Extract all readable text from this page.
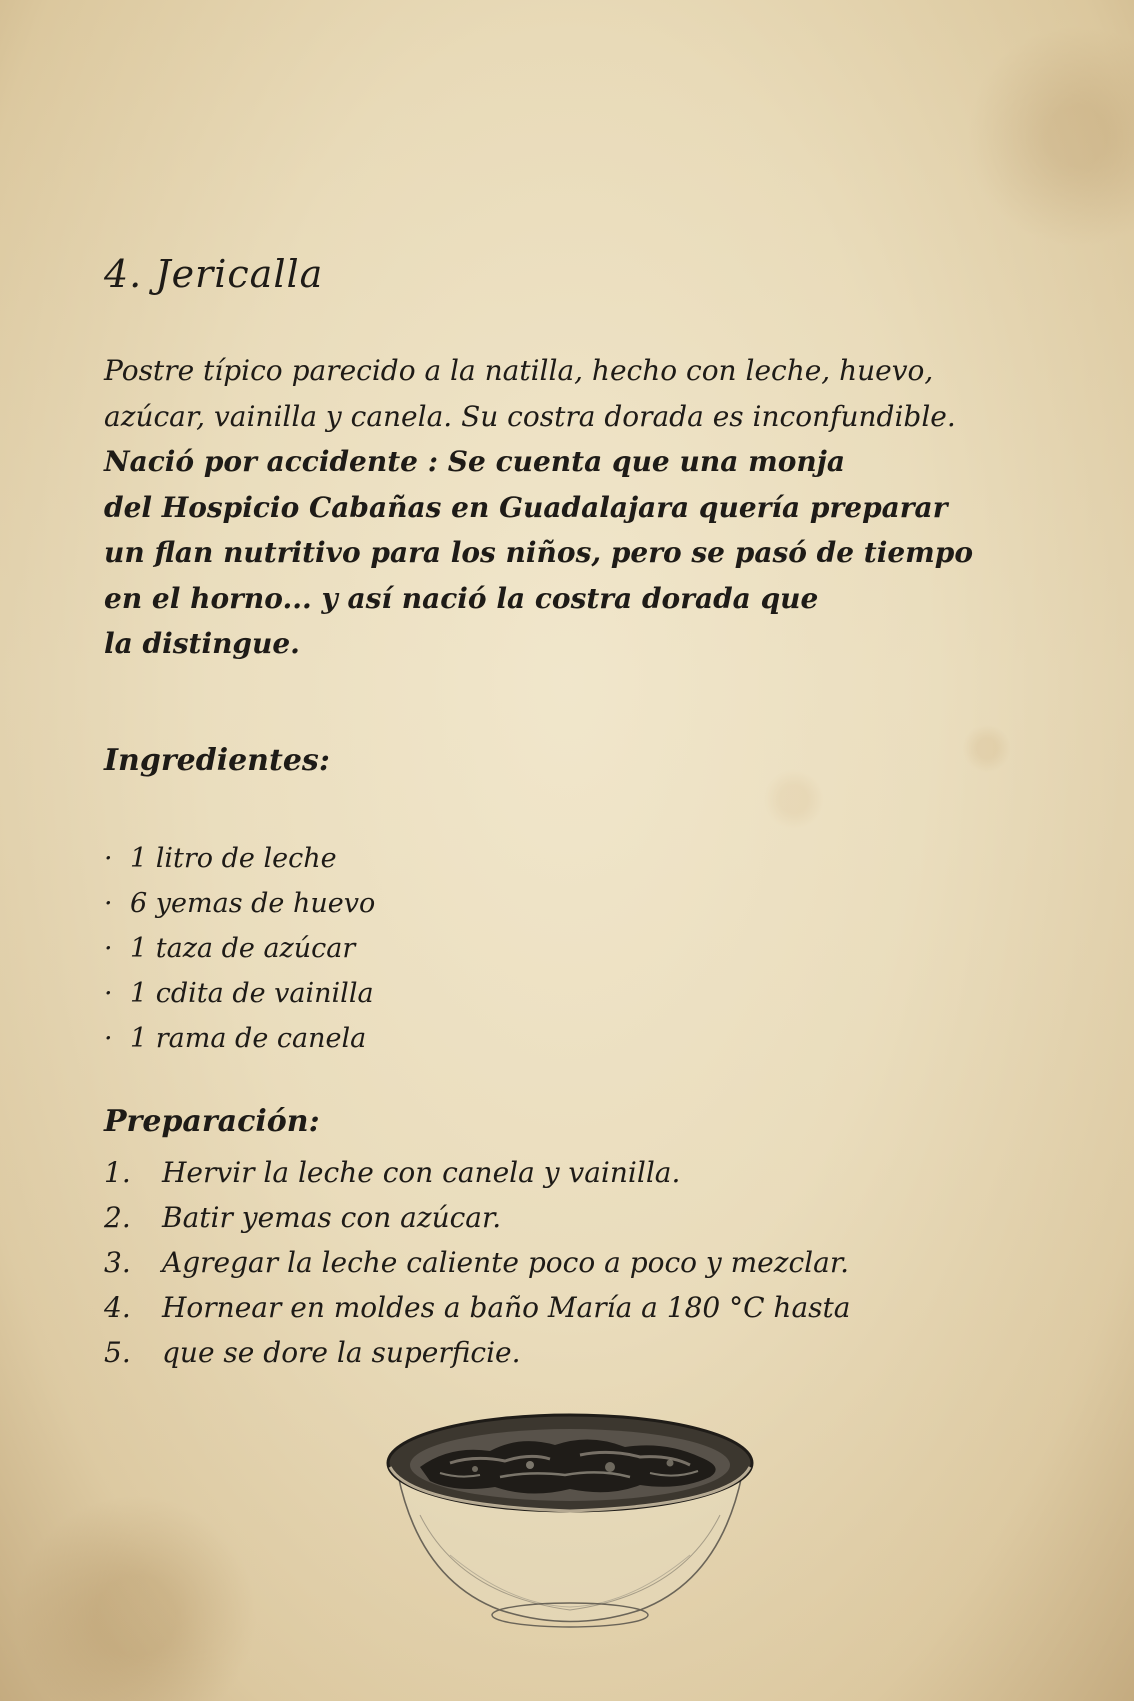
4. Jericalla
Postre típico parecido a la natilla, hecho con leche, huevo,
azúcar, vainilla y canela. Su costra dorada es inconfundible.
Nació por accidente : Se cuenta que una monja
del Hospicio Cabañas en Guadalajara quería preparar
un flan nutritivo para los niños, pero se pasó de tiempo
en el horno... y así nació la costra dorada que
la distingue.
Ingredientes:
· 1 litro de leche
· 6 yemas de huevo
· 1 taza de azúcar
· 1 cdita de vainilla
· 1 rama de canela
Preparación:
1. Hervir la leche con canela y vainilla.
2. Batir yemas con azúcar.
3. Agregar la leche caliente poco a poco y mezclar.
4. Hornear en moldes a baño María a 180 °C hasta
5. que se dore la superficie.
